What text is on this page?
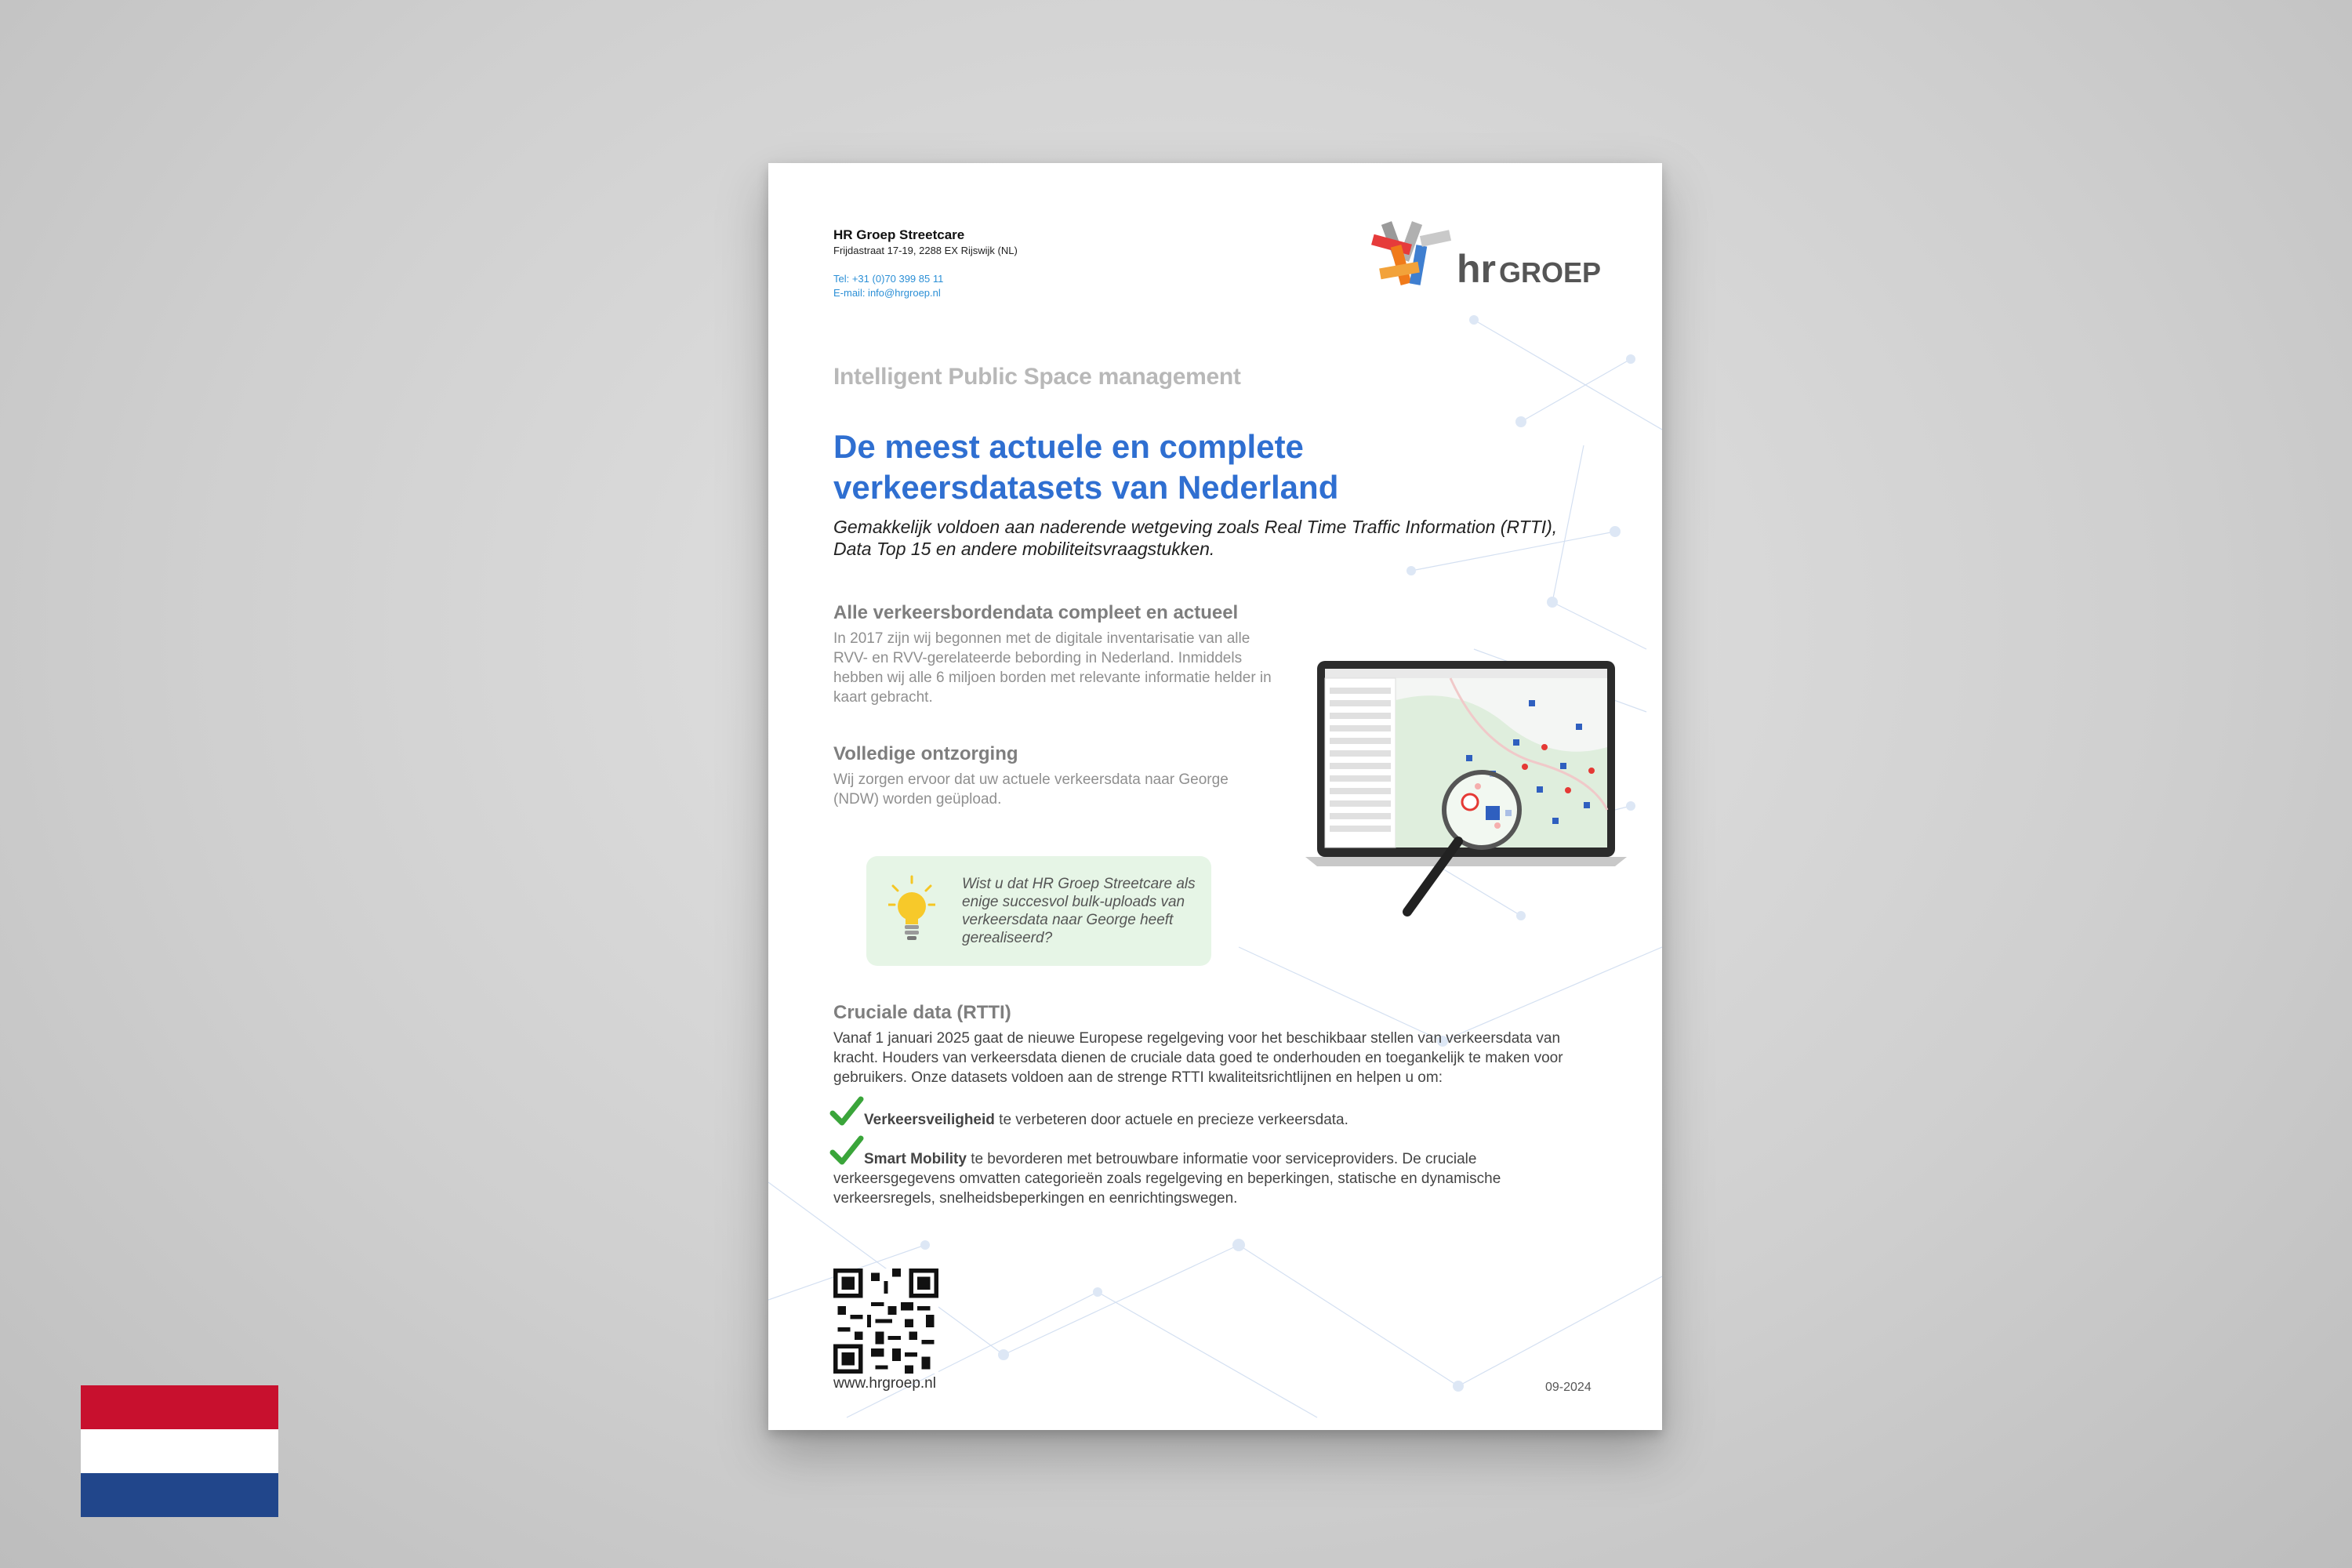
HR Groep Streetcare
Frijdastraat 17-19, 2288 EX Rijswijk (NL)
Tel: +31 (0)70 399 85 11
E-mail: info@hrgroep.nl
hr GROEP
Intelligent Public Space management
De meest actuele en complete
verkeersdatasets van Nederland
Gemakkelijk voldoen aan naderende wetgeving zoals Real Time Traffic Information (RTTI), Data Top 15 en andere mobiliteitsvraagstukken.
Alle verkeersbordendata compleet en actueel
In 2017 zijn wij begonnen met de digitale inventarisatie van alle RVV- en RVV-gerelateerde bebording in Nederland. Inmiddels hebben wij alle 6 miljoen borden met relevante informatie helder in kaart gebracht.
Volledige ontzorging
Wij zorgen ervoor dat uw actuele verkeersdata naar George (NDW) worden geüpload.
Wist u dat HR Groep Streetcare als enige succesvol bulk-uploads van verkeersdata naar George heeft gerealiseerd?
Cruciale data (RTTI)
Vanaf 1 januari 2025 gaat de nieuwe Europese regelgeving voor het beschikbaar stellen van verkeersdata van kracht. Houders van verkeersdata dienen de cruciale data goed te onderhouden en toegankelijk te maken voor gebruikers. Onze datasets voldoen aan de strenge RTTI kwaliteitsrichtlijnen en helpen u om:
Verkeersveiligheid te verbeteren door actuele en precieze verkeersdata.
Smart Mobility te bevorderen met betrouwbare informatie voor serviceproviders. De cruciale verkeersgegevens omvatten categorieën zoals regelgeving en beperkingen, statische en dynamische verkeersregels, snelheidsbeperkingen en eenrichtingswegen.
www.hrgroep.nl	09-2024
